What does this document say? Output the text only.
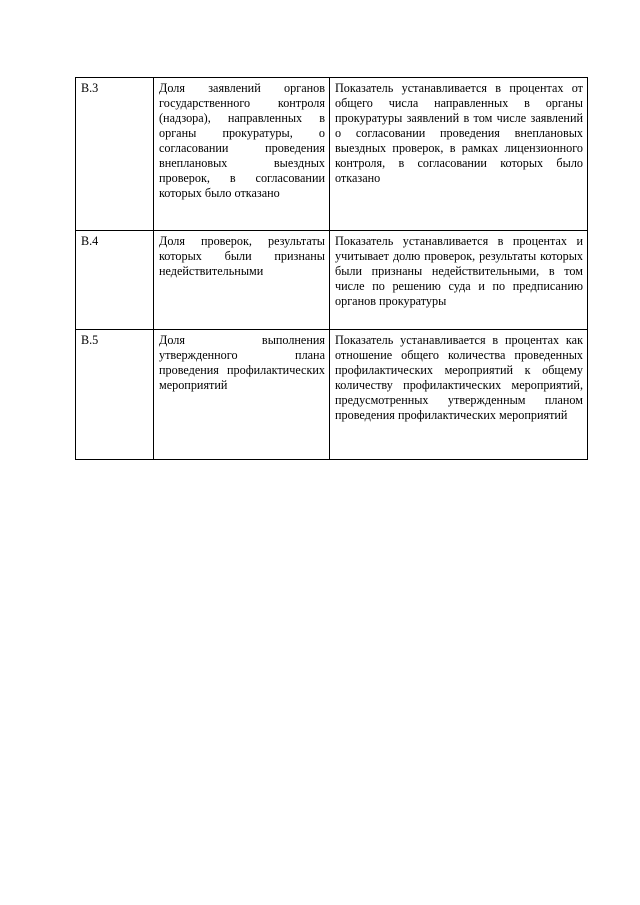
В.3	Доля заявлений органов государственного контроля (надзора), направленных в органы прокуратуры, о согласовании проведения внеплановых выездных проверок, в согласовании которых было отказано	Показатель устанавливается в процентах от общего числа направленных в органы прокуратуры заявлений в том числе заявлений о согласовании проведения внеплановых выездных проверок, в рамках лицензионного контроля, в согласовании которых было отказано
В.4	Доля проверок, результаты которых были признаны недействительными	Показатель устанавливается в процентах и учитывает долю проверок, результаты которых были признаны недействительными, в том числе по решению суда и по предписанию органов прокуратуры
В.5	Доля выполнения утвержденного плана проведения профилактических мероприятий	Показатель устанавливается в процентах как отношение общего количества проведенных профилактических мероприятий к общему количеству профилактических мероприятий, предусмотренных утвержденным планом проведения профилактических мероприятий
